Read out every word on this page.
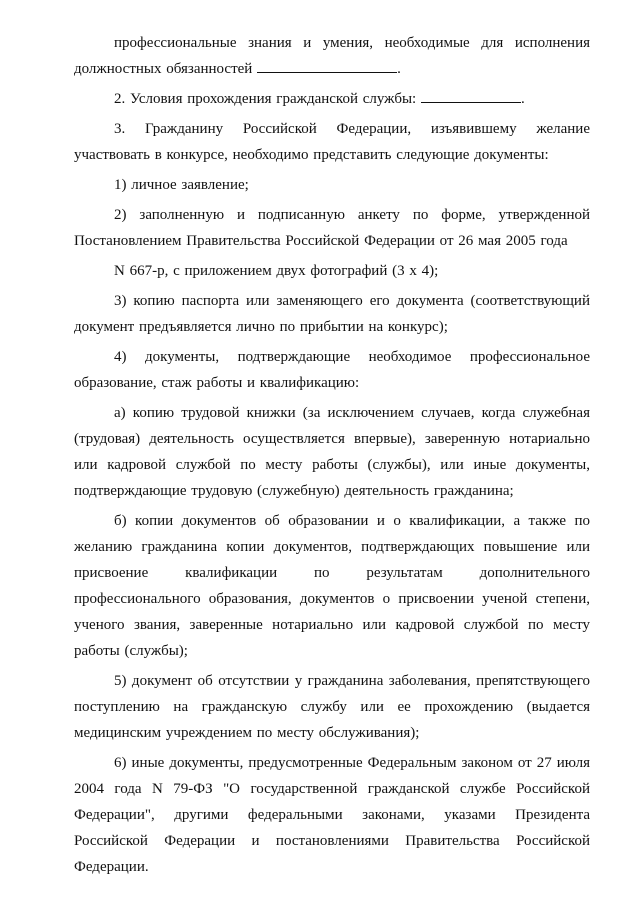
профессиональные знания и умения, необходимые для исполнения должностных обязанностей	.

2. Условия прохождения гражданской службы:	.

3. Гражданину Российской Федерации, изъявившему желание участвовать в конкурсе, необходимо представить следующие документы:

1) личное заявление;

2) заполненную и подписанную анкету по форме, утвержденной Постановлением Правительства Российской Федерации от 26 мая 2005 года

N 667-р, с приложением двух фотографий (3 x 4);

3) копию паспорта или заменяющего его документа (соответствующий документ предъявляется лично по прибытии на конкурс);

4) документы, подтверждающие необходимое профессиональное образование, стаж работы и квалификацию:

а) копию трудовой книжки (за исключением случаев, когда служебная (трудовая) деятельность осуществляется впервые), заверенную нотариально или кадровой службой по месту работы (службы), или иные документы, подтверждающие трудовую (служебную) деятельность гражданина;

б) копии документов об образовании и о квалификации, а также по желанию гражданина копии документов, подтверждающих повышение или присвоение квалификации по результатам дополнительного профессионального образования, документов о присвоении ученой степени, ученого звания, заверенные нотариально или кадровой службой по месту работы (службы);

5) документ об отсутствии у гражданина заболевания, препятствующего поступлению на гражданскую службу или ее прохождению (выдается медицинским учреждением по месту обслуживания);

6) иные документы, предусмотренные Федеральным законом от 27 июля 2004 года N 79-ФЗ "О государственной гражданской службе Российской Федерации", другими федеральными законами, указами Президента Российской Федерации и постановлениями Правительства Российской Федерации.
